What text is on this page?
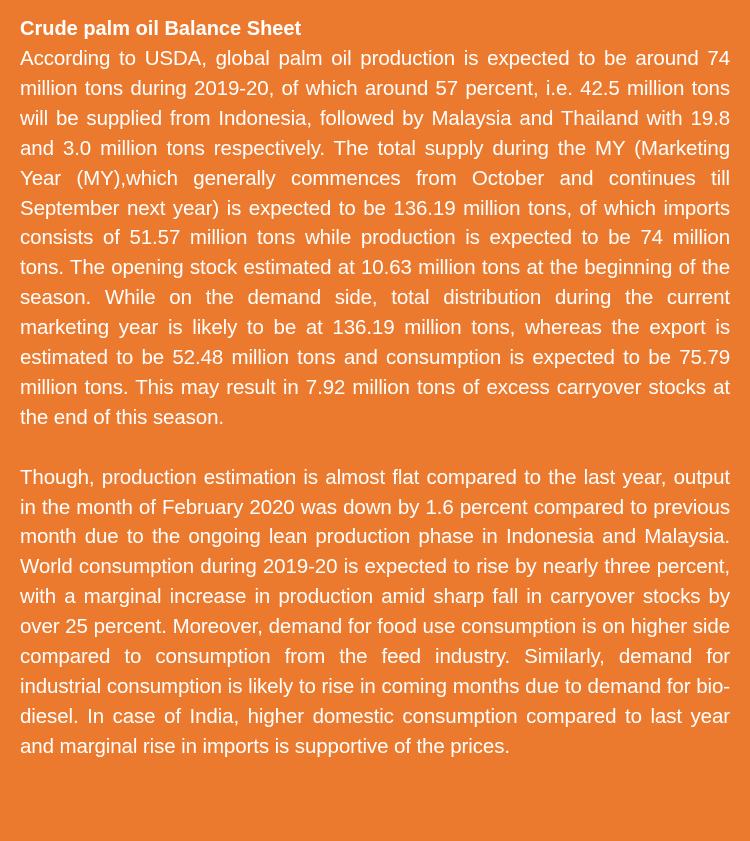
Crude palm oil Balance Sheet

According to USDA, global palm oil production is expected to be around 74 million tons during 2019-20, of which around 57 percent, i.e. 42.5 million tons will be supplied from Indonesia, followed by Malaysia and Thailand with 19.8 and 3.0 million tons respectively. The total supply during the MY (Marketing Year (MY),which generally commences from October and continues till September next year) is expected to be 136.19 million tons, of which imports consists of 51.57 million tons while production is expected to be 74 million tons. The opening stock estimated at 10.63 million tons at the beginning of the season. While on the demand side, total distribution during the current marketing year is likely to be at 136.19 million tons, whereas the export is estimated to be 52.48 million tons and consumption is expected to be 75.79 million tons. This may result in 7.92 million tons of excess carryover stocks at the end of this season.

Though, production estimation is almost flat compared to the last year, output in the month of February 2020 was down by 1.6 percent compared to previous month due to the ongoing lean production phase in Indonesia and Malaysia. World consumption during 2019-20 is expected to rise by nearly three percent, with a marginal increase in production amid sharp fall in carryover stocks by over 25 percent. Moreover, demand for food use consumption is on higher side compared to consumption from the feed industry. Similarly, demand for industrial consumption is likely to rise in coming months due to demand for bio-diesel. In case of India, higher domestic consumption compared to last year and marginal rise in imports is supportive of the prices.
